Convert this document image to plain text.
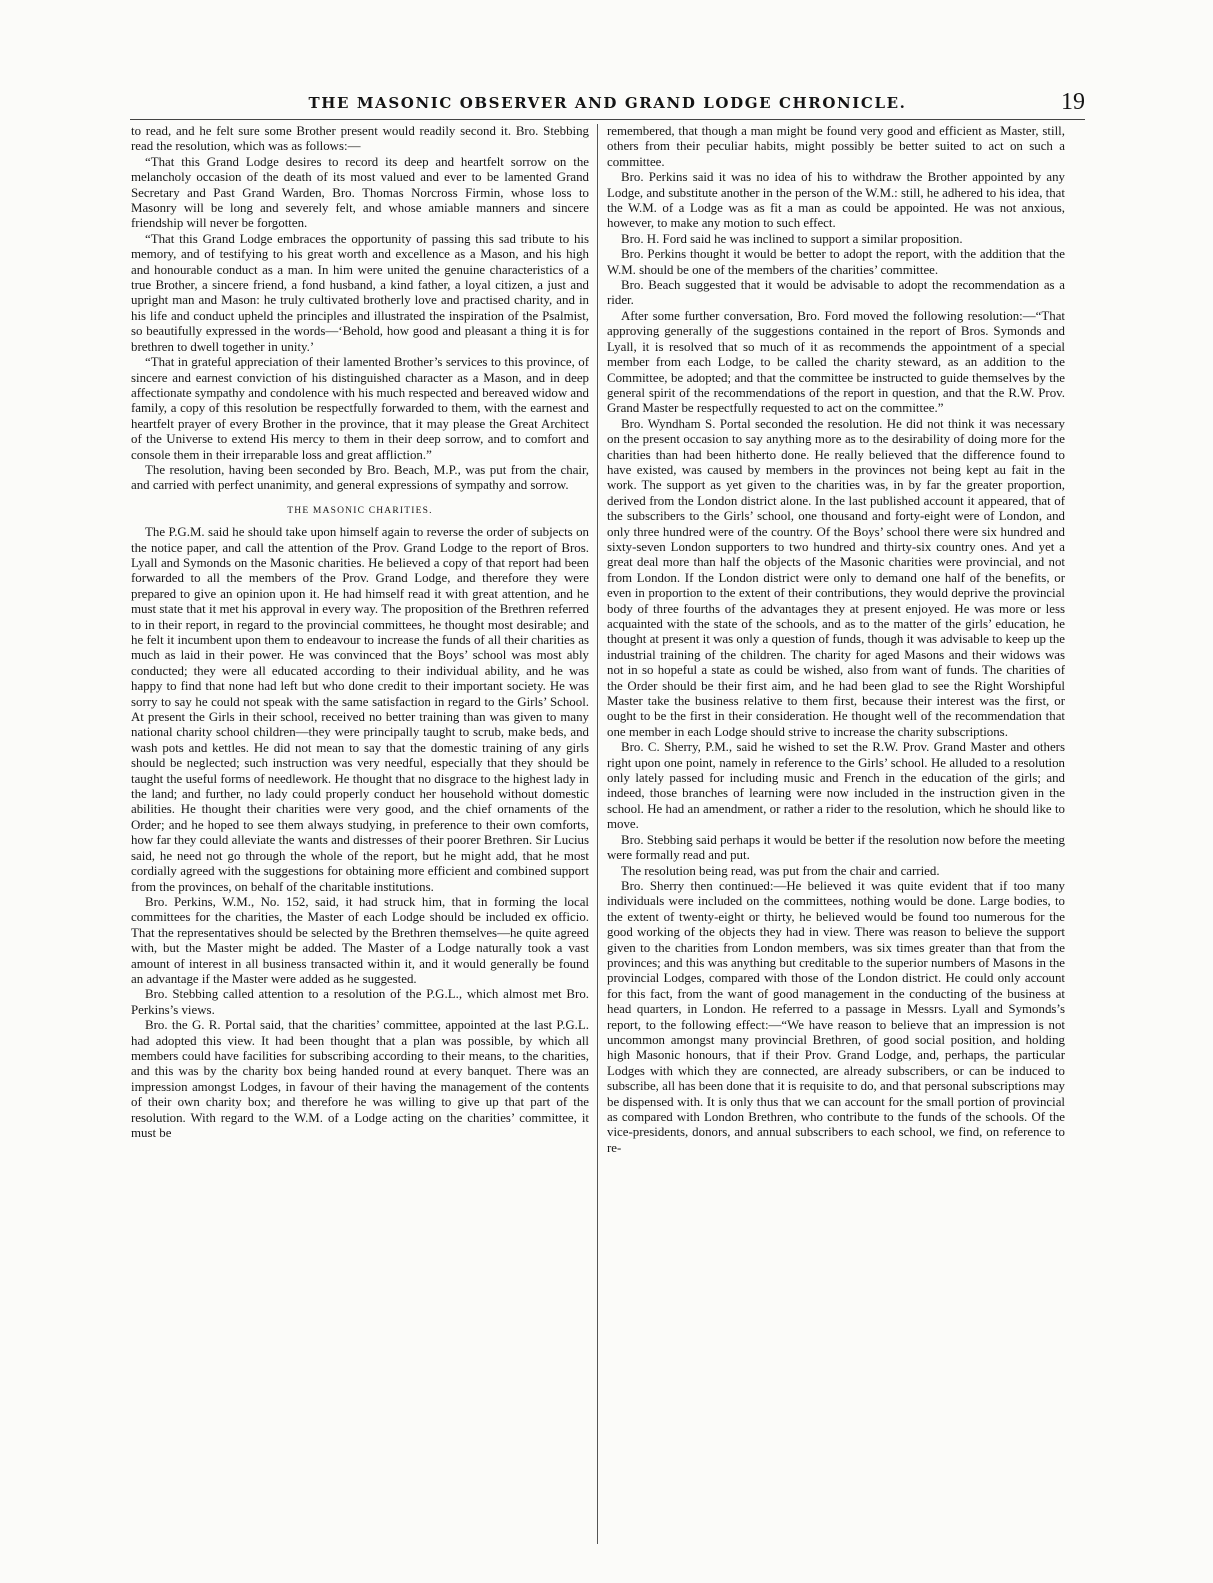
THE MASONIC OBSERVER AND GRAND LODGE CHRONICLE.	19

to read, and he felt sure some Brother present would readily second it. Bro. Stebbing read the resolution, which was as follows:—

“That this Grand Lodge desires to record its deep and heartfelt sorrow on the melancholy occasion of the death of its most valued and ever to be lamented Grand Secretary and Past Grand Warden, Bro. Thomas Norcross Firmin, whose loss to Masonry will be long and severely felt, and whose amiable manners and sincere friendship will never be forgotten.

“That this Grand Lodge embraces the opportunity of passing this sad tribute to his memory, and of testifying to his great worth and excellence as a Mason, and his high and honourable conduct as a man. In him were united the genuine characteristics of a true Brother, a sincere friend, a fond husband, a kind father, a loyal citizen, a just and upright man and Mason: he truly cultivated brotherly love and practised charity, and in his life and conduct upheld the principles and illustrated the inspiration of the Psalmist, so beautifully expressed in the words—‘Behold, how good and pleasant a thing it is for brethren to dwell together in unity.’

“That in grateful appreciation of their lamented Brother’s services to this province, of sincere and earnest conviction of his distinguished character as a Mason, and in deep affectionate sympathy and condolence with his much respected and bereaved widow and family, a copy of this resolution be respectfully forwarded to them, with the earnest and heartfelt prayer of every Brother in the province, that it may please the Great Architect of the Universe to extend His mercy to them in their deep sorrow, and to comfort and console them in their irreparable loss and great affliction.”

The resolution, having been seconded by Bro. Beach, M.P., was put from the chair, and carried with perfect unanimity, and general expressions of sympathy and sorrow.

THE MASONIC CHARITIES.

The P.G.M. said he should take upon himself again to reverse the order of subjects on the notice paper, and call the attention of the Prov. Grand Lodge to the report of Bros. Lyall and Symonds on the Masonic charities. He believed a copy of that report had been forwarded to all the members of the Prov. Grand Lodge, and therefore they were prepared to give an opinion upon it. He had himself read it with great attention, and he must state that it met his approval in every way. The proposition of the Brethren referred to in their report, in regard to the provincial committees, he thought most desirable; and he felt it incumbent upon them to endeavour to increase the funds of all their charities as much as laid in their power. He was convinced that the Boys’ school was most ably conducted; they were all educated according to their individual ability, and he was happy to find that none had left but who done credit to their important society. He was sorry to say he could not speak with the same satisfaction in regard to the Girls’ School. At present the Girls in their school, received no better training than was given to many national charity school children—they were principally taught to scrub, make beds, and wash pots and kettles. He did not mean to say that the domestic training of any girls should be neglected; such instruction was very needful, especially that they should be taught the useful forms of needlework. He thought that no disgrace to the highest lady in the land; and further, no lady could properly conduct her household without domestic abilities. He thought their charities were very good, and the chief ornaments of the Order; and he hoped to see them always studying, in preference to their own comforts, how far they could alleviate the wants and distresses of their poorer Brethren. Sir Lucius said, he need not go through the whole of the report, but he might add, that he most cordially agreed with the suggestions for obtaining more efficient and combined support from the provinces, on behalf of the charitable institutions.

Bro. Perkins, W.M., No. 152, said, it had struck him, that in forming the local committees for the charities, the Master of each Lodge should be included ex officio. That the representatives should be selected by the Brethren themselves—he quite agreed with, but the Master might be added. The Master of a Lodge naturally took a vast amount of interest in all business transacted within it, and it would generally be found an advantage if the Master were added as he suggested.

Bro. Stebbing called attention to a resolution of the P.G.L., which almost met Bro. Perkins’s views.

Bro. the G. R. Portal said, that the charities’ committee, appointed at the last P.G.L. had adopted this view. It had been thought that a plan was possible, by which all members could have facilities for subscribing according to their means, to the charities, and this was by the charity box being handed round at every banquet. There was an impression amongst Lodges, in favour of their having the management of the contents of their own charity box; and therefore he was willing to give up that part of the resolution. With regard to the W.M. of a Lodge acting on the charities’ committee, it must be

remembered, that though a man might be found very good and efficient as Master, still, others from their peculiar habits, might possibly be better suited to act on such a committee.

Bro. Perkins said it was no idea of his to withdraw the Brother appointed by any Lodge, and substitute another in the person of the W.M.: still, he adhered to his idea, that the W.M. of a Lodge was as fit a man as could be appointed. He was not anxious, however, to make any motion to such effect.

Bro. H. Ford said he was inclined to support a similar proposition.

Bro. Perkins thought it would be better to adopt the report, with the addition that the W.M. should be one of the members of the charities’ committee.

Bro. Beach suggested that it would be advisable to adopt the recommendation as a rider.

After some further conversation, Bro. Ford moved the following resolution:—“That approving generally of the suggestions contained in the report of Bros. Symonds and Lyall, it is resolved that so much of it as recommends the appointment of a special member from each Lodge, to be called the charity steward, as an addition to the Committee, be adopted; and that the committee be instructed to guide themselves by the general spirit of the recommendations of the report in question, and that the R.W. Prov. Grand Master be respectfully requested to act on the committee.”

Bro. Wyndham S. Portal seconded the resolution. He did not think it was necessary on the present occasion to say anything more as to the desirability of doing more for the charities than had been hitherto done. He really believed that the difference found to have existed, was caused by members in the provinces not being kept au fait in the work. The support as yet given to the charities was, in by far the greater proportion, derived from the London district alone. In the last published account it appeared, that of the subscribers to the Girls’ school, one thousand and forty-eight were of London, and only three hundred were of the country. Of the Boys’ school there were six hundred and sixty-seven London supporters to two hundred and thirty-six country ones. And yet a great deal more than half the objects of the Masonic charities were provincial, and not from London. If the London district were only to demand one half of the benefits, or even in proportion to the extent of their contributions, they would deprive the provincial body of three fourths of the advantages they at present enjoyed. He was more or less acquainted with the state of the schools, and as to the matter of the girls’ education, he thought at present it was only a question of funds, though it was advisable to keep up the industrial training of the children. The charity for aged Masons and their widows was not in so hopeful a state as could be wished, also from want of funds. The charities of the Order should be their first aim, and he had been glad to see the Right Worshipful Master take the business relative to them first, because their interest was the first, or ought to be the first in their consideration. He thought well of the recommendation that one member in each Lodge should strive to increase the charity subscriptions.

Bro. C. Sherry, P.M., said he wished to set the R.W. Prov. Grand Master and others right upon one point, namely in reference to the Girls’ school. He alluded to a resolution only lately passed for including music and French in the education of the girls; and indeed, those branches of learning were now included in the instruction given in the school. He had an amendment, or rather a rider to the resolution, which he should like to move.

Bro. Stebbing said perhaps it would be better if the resolution now before the meeting were formally read and put.

The resolution being read, was put from the chair and carried.

Bro. Sherry then continued:—He believed it was quite evident that if too many individuals were included on the committees, nothing would be done. Large bodies, to the extent of twenty-eight or thirty, he believed would be found too numerous for the good working of the objects they had in view. There was reason to believe the support given to the charities from London members, was six times greater than that from the provinces; and this was anything but creditable to the superior numbers of Masons in the provincial Lodges, compared with those of the London district. He could only account for this fact, from the want of good management in the conducting of the business at head quarters, in London. He referred to a passage in Messrs. Lyall and Symonds’s report, to the following effect:—“We have reason to believe that an impression is not uncommon amongst many provincial Brethren, of good social position, and holding high Masonic honours, that if their Prov. Grand Lodge, and, perhaps, the particular Lodges with which they are connected, are already subscribers, or can be induced to subscribe, all has been done that it is requisite to do, and that personal subscriptions may be dispensed with. It is only thus that we can account for the small portion of provincial as compared with London Brethren, who contribute to the funds of the schools. Of the vice-presidents, donors, and annual subscribers to each school, we find, on reference to re-
